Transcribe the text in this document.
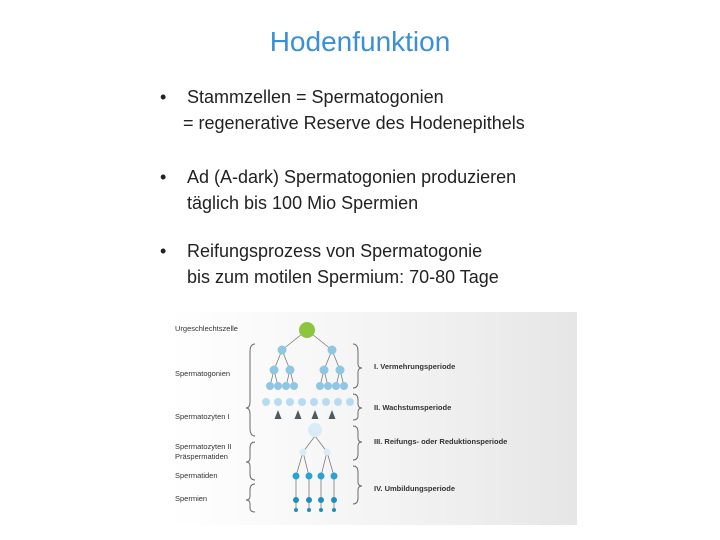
Hodenfunktion
• Stammzellen = Spermatogonien
= regenerative Reserve des Hodenepithels
• Ad (A-dark) Spermatogonien produzieren
täglich bis 100 Mio Spermien
• Reifungsprozess von Spermatogonie
bis zum motilen Spermium: 70-80 Tage
Urgeschlechtszelle
Spermatogonien
Spermatozyten I
Spermatozyten II
Präspermatiden
Spermatiden
Spermien
I. Vermehrungsperiode
II. Wachstumsperiode
III. Reifungs- oder Reduktionsperiode
IV. Umbildungsperiode
